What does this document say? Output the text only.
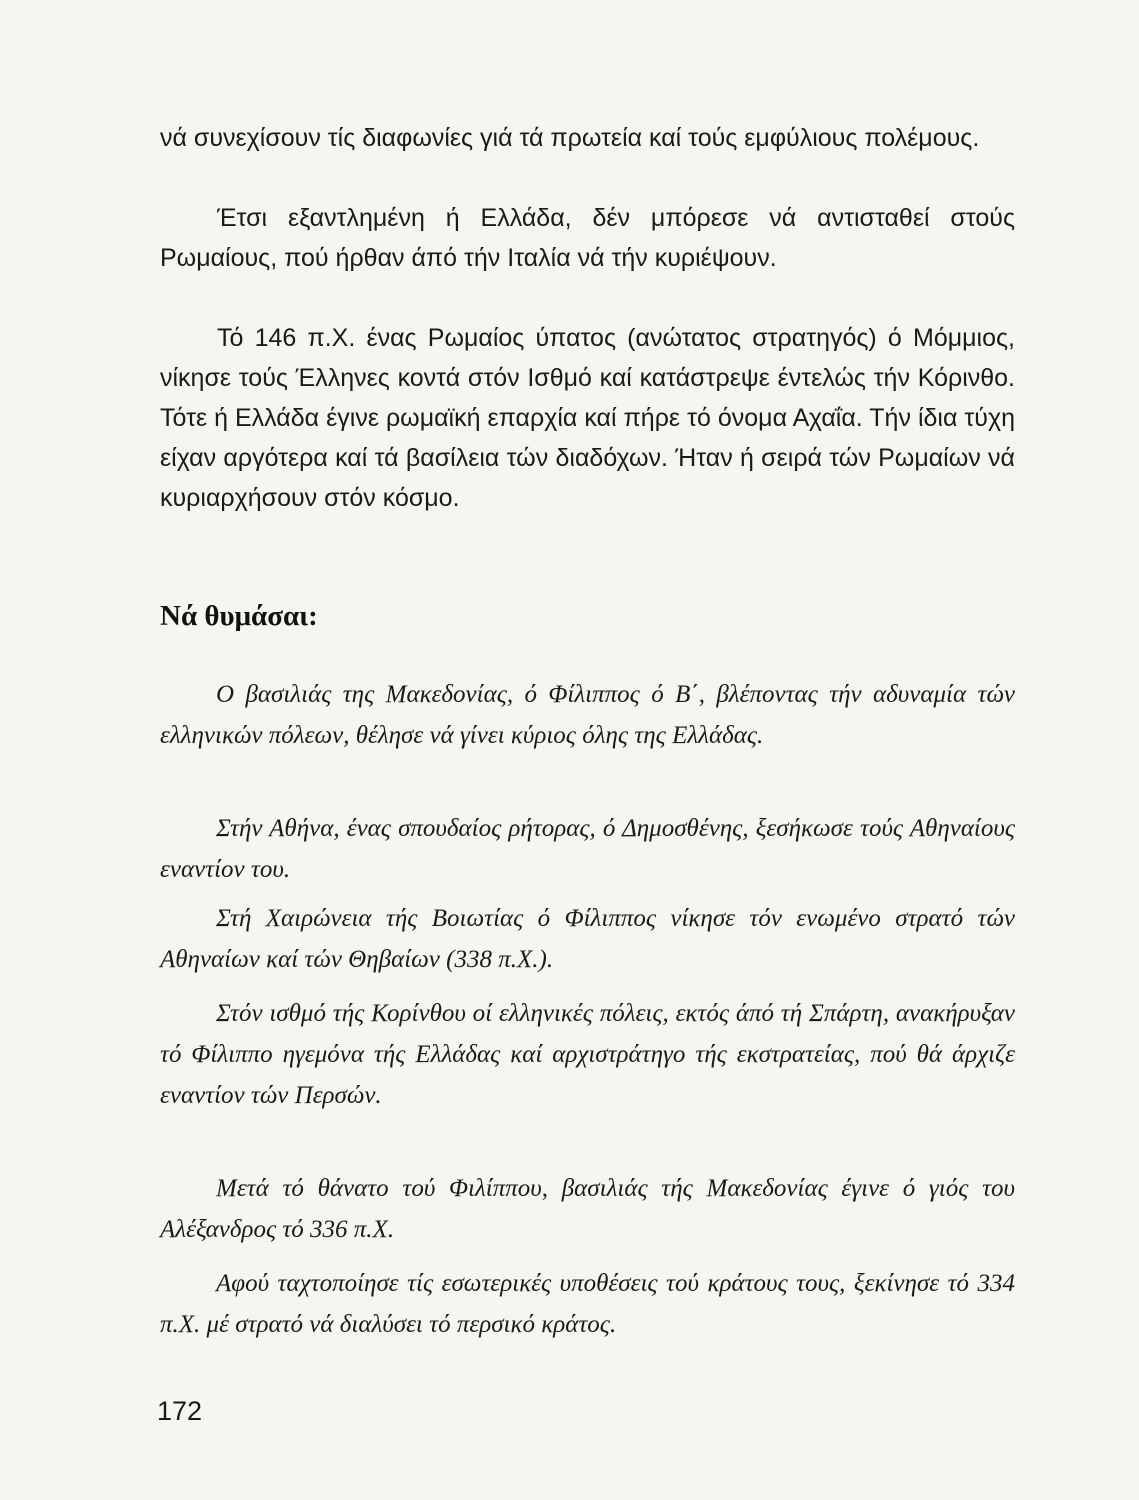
νά συνεχίσουν τίς διαφωνίες γιά τά πρωτεία καί τούς εμφύλιους πολέμους.

Έτσι εξαντλημένη ή Ελλάδα, δέν μπόρεσε νά αντισταθεί στούς Ρωμαίους, πού ήρθαν άπό τήν Ιταλία νά τήν κυριέψουν.

Τό 146 π.Χ. ένας Ρωμαίος ύπατος (ανώτατος στρατηγός) ό Μόμμιος, νίκησε τούς Έλληνες κοντά στόν Ισθμό καί κατάστρεψε έντελώς τήν Κόρινθο. Τότε ή Ελλάδα έγινε ρωμαϊκή επαρχία καί πήρε τό όνομα Αχαΐα. Τήν ίδια τύχη είχαν αργότερα καί τά βασίλεια τών διαδόχων. Ήταν ή σειρά τών Ρωμαίων νά κυριαρχήσουν στόν κόσμο.

Νά θυμάσαι:

Ο βασιλιάς της Μακεδονίας, ό Φίλιππος ό Β΄, βλέποντας τήν αδυναμία τών ελληνικών πόλεων, θέλησε νά γίνει κύριος όλης της Ελλάδας.

Στήν Αθήνα, ένας σπουδαίος ρήτορας, ό Δημοσθένης, ξεσήκωσε τούς Αθηναίους εναντίον του.

Στή Χαιρώνεια τής Βοιωτίας ό Φίλιππος νίκησε τόν ενωμένο στρατό τών Αθηναίων καί τών Θηβαίων (338 π.Χ.).

Στόν ισθμό τής Κορίνθου οί ελληνικές πόλεις, εκτός άπό τή Σπάρτη, ανακήρυξαν τό Φίλιππο ηγεμόνα τής Ελλάδας καί αρχιστράτηγο τής εκστρατείας, πού θά άρχιζε εναντίον τών Περσών.

Μετά τό θάνατο τού Φιλίππου, βασιλιάς τής Μακεδονίας έγινε ό γιός του Αλέξανδρος τό 336 π.Χ.

Αφού ταχτοποίησε τίς εσωτερικές υποθέσεις τού κράτους τους, ξεκίνησε τό 334 π.Χ. μέ στρατό νά διαλύσει τό περσικό κράτος.

172
